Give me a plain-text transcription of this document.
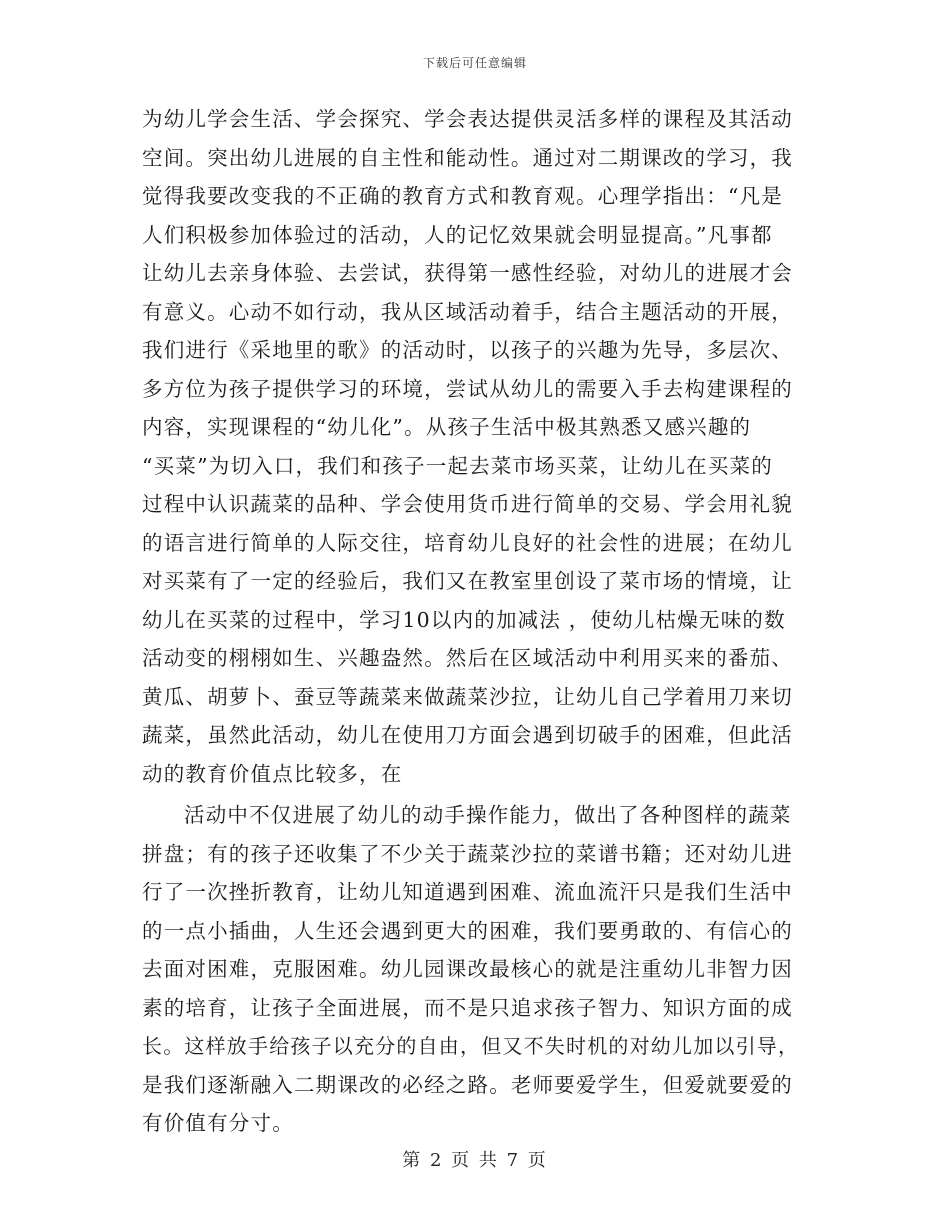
下载后可任意编辑
为幼儿学会生活、学会探究、学会表达提供灵活多样的课程及其活动
空间。突出幼儿进展的自主性和能动性。通过对二期课改的学习，我
觉得我要改变我的不正确的教育方式和教育观。心理学指出：“凡是
人们积极参加体验过的活动，人的记忆效果就会明显提高。”凡事都
让幼儿去亲身体验、去尝试，获得第一感性经验，对幼儿的进展才会
有意义。心动不如行动，我从区域活动着手，结合主题活动的开展，
我们进行《采地里的歌》的活动时，以孩子的兴趣为先导，多层次、
多方位为孩子提供学习的环境，尝试从幼儿的需要入手去构建课程的
内容，实现课程的“幼儿化”。从孩子生活中极其熟悉又感兴趣的
“买菜”为切入口，我们和孩子一起去菜市场买菜，让幼儿在买菜的
过程中认识蔬菜的品种、学会使用货币进行简单的交易、学会用礼貌
的语言进行简单的人际交往，培育幼儿良好的社会性的进展；在幼儿
对买菜有了一定的经验后，我们又在教室里创设了菜市场的情境，让
幼儿在买菜的过程中，学习10以内的加减法 ，使幼儿枯燥无味的数
活动变的栩栩如生、兴趣盎然。然后在区域活动中利用买来的番茄、
黄瓜、胡萝卜、蚕豆等蔬菜来做蔬菜沙拉，让幼儿自己学着用刀来切
蔬菜，虽然此活动，幼儿在使用刀方面会遇到切破手的困难，但此活
动的教育价值点比较多，在
活动中不仅进展了幼儿的动手操作能力，做出了各种图样的蔬菜
拼盘；有的孩子还收集了不少关于蔬菜沙拉的菜谱书籍；还对幼儿进
行了一次挫折教育，让幼儿知道遇到困难、流血流汗只是我们生活中
的一点小插曲，人生还会遇到更大的困难，我们要勇敢的、有信心的
去面对困难，克服困难。幼儿园课改最核心的就是注重幼儿非智力因
素的培育，让孩子全面进展，而不是只追求孩子智力、知识方面的成
长。这样放手给孩子以充分的自由，但又不失时机的对幼儿加以引导，
是我们逐渐融入二期课改的必经之路。老师要爱学生，但爱就要爱的
有价值有分寸。
第 2 页 共 7 页
